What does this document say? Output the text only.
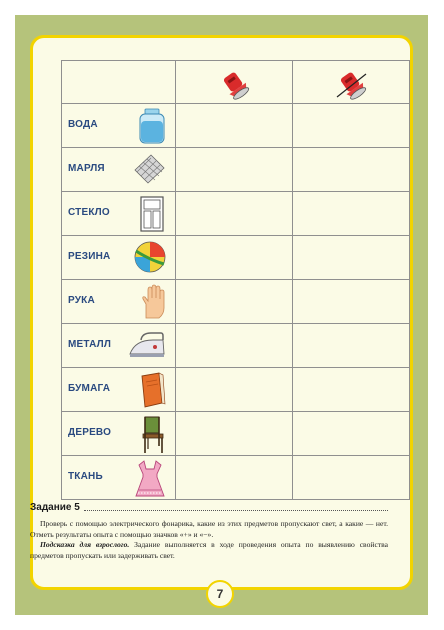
ВОДА		

МАРЛЯ		

СТЕКЛО		

РЕЗИНА		

РУКА		

МЕТАЛЛ		

БУМАГА		

ДЕРЕВО		

ТКАНЬ		

Задание 5

Проверь с помощью электрического фонарика, какие из этих предметов пропускают свет, а какие — нет. Отметь результаты опыта с помощью значков «+» и «−».

Подсказка для взрослого. Задание выполняется в ходе проведения опыта по выявлению свойства предметов пропускать или задерживать свет.

7
